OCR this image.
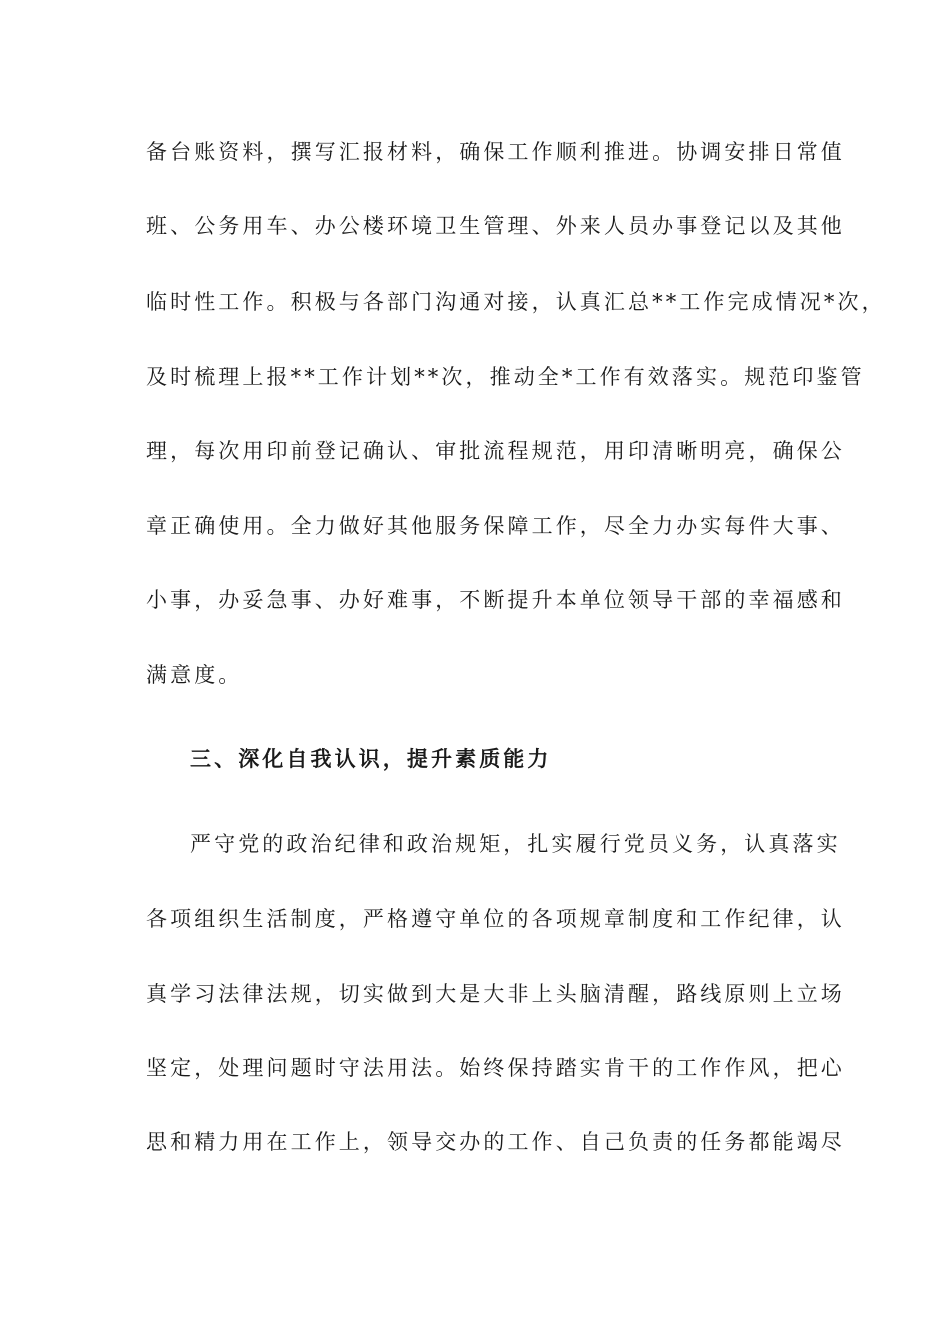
备台账资料，撰写汇报材料，确保工作顺利推进。协调安排日常值
班、公务用车、办公楼环境卫生管理、外来人员办事登记以及其他
临时性工作。积极与各部门沟通对接，认真汇总**工作完成情况*次，
及时梳理上报**工作计划**次，推动全*工作有效落实。规范印鉴管
理，每次用印前登记确认、审批流程规范，用印清晰明亮，确保公
章正确使用。全力做好其他服务保障工作，尽全力办实每件大事、
小事，办妥急事、办好难事，不断提升本单位领导干部的幸福感和
满意度。
三、深化自我认识，提升素质能力
严守党的政治纪律和政治规矩，扎实履行党员义务，认真落实
各项组织生活制度，严格遵守单位的各项规章制度和工作纪律，认
真学习法律法规，切实做到大是大非上头脑清醒，路线原则上立场
坚定，处理问题时守法用法。始终保持踏实肯干的工作作风，把心
思和精力用在工作上，领导交办的工作、自己负责的任务都能竭尽
